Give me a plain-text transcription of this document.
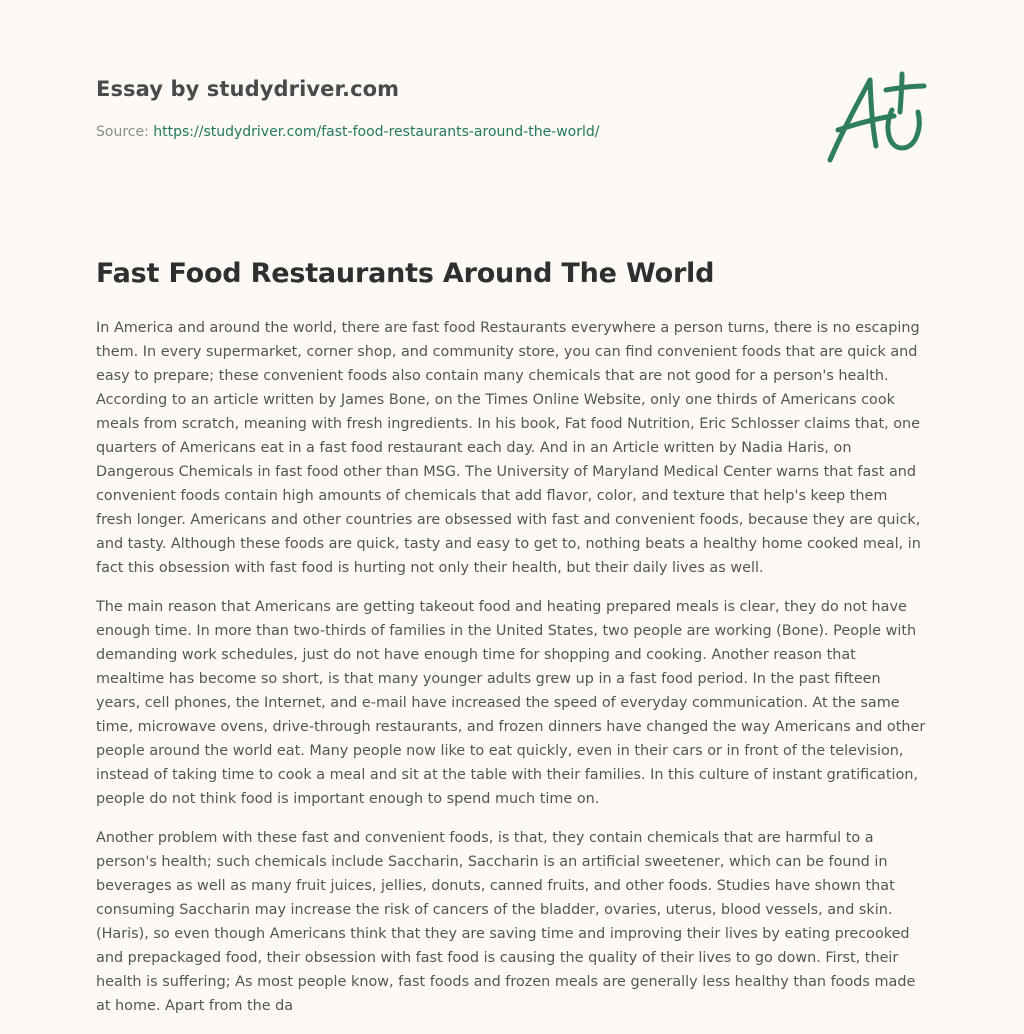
Essay by studydriver.com
Source: https://studydriver.com/fast-food-restaurants-around-the-world/
Fast Food Restaurants Around The World

In America and around the world, there are fast food Restaurants everywhere a person turns, there is no escaping them. In every supermarket, corner shop, and community store, you can find convenient foods that are quick and easy to prepare; these convenient foods also contain many chemicals that are not good for a person's health. According to an article written by James Bone, on the Times Online Website, only one thirds of Americans cook meals from scratch, meaning with fresh ingredients. In his book, Fat food Nutrition, Eric Schlosser claims that, one quarters of Americans eat in a fast food restaurant each day. And in an Article written by Nadia Haris, on Dangerous Chemicals in fast food other than MSG. The University of Maryland Medical Center warns that fast and convenient foods contain high amounts of chemicals that add flavor, color, and texture that help's keep them fresh longer. Americans and other countries are obsessed with fast and convenient foods, because they are quick, and tasty. Although these foods are quick, tasty and easy to get to, nothing beats a healthy home cooked meal, in fact this obsession with fast food is hurting not only their health, but their daily lives as well.

The main reason that Americans are getting takeout food and heating prepared meals is clear, they do not have enough time. In more than two-thirds of families in the United States, two people are working (Bone). People with demanding work schedules, just do not have enough time for shopping and cooking. Another reason that mealtime has become so short, is that many younger adults grew up in a fast food period. In the past fifteen years, cell phones, the Internet, and e-mail have increased the speed of everyday communication. At the same time, microwave ovens, drive-through restaurants, and frozen dinners have changed the way Americans and other people around the world eat. Many people now like to eat quickly, even in their cars or in front of the television, instead of taking time to cook a meal and sit at the table with their families. In this culture of instant gratification, people do not think food is important enough to spend much time on.

Another problem with these fast and convenient foods, is that, they contain chemicals that are harmful to a person's health; such chemicals include Saccharin, Saccharin is an artificial sweetener, which can be found in beverages as well as many fruit juices, jellies, donuts, canned fruits, and other foods. Studies have shown that consuming Saccharin may increase the risk of cancers of the bladder, ovaries, uterus, blood vessels, and skin. (Haris), so even though Americans think that they are saving time and improving their lives by eating precooked and prepackaged food, their obsession with fast food is causing the quality of their lives to go down. First, their health is suffering; As most people know, fast foods and frozen meals are generally less healthy than foods made at home. Apart from the da
